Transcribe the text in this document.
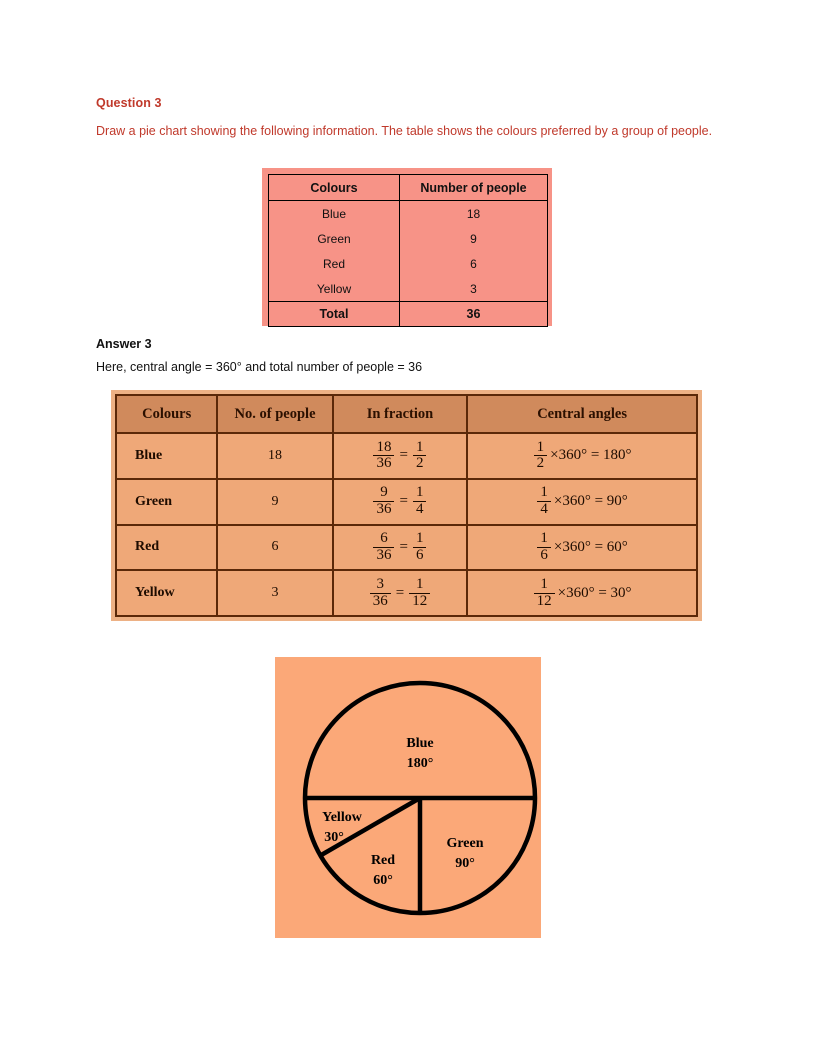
Question 3

Draw a pie chart showing the following information. The table shows the colours preferred by a group of people.

Colours	Number of people
Blue	18
Green	9
Red	6
Yellow	3
Total	36
Answer 3
Here, central angle = 360° and total number of people = 36
Colours	No. of people	In fraction	Central angles
Blue	18	$\frac{18}{36} = \frac{1}{2}$	$\frac{1}{2} \times 360^\circ = 180^\circ$

Green	9	$\frac{9}{36} = \frac{1}{4}$	$\frac{1}{4} \times 360^\circ = 90^\circ$

Red	6	$\frac{6}{36} = \frac{1}{6}$	$\frac{1}{6} \times 360^\circ = 60^\circ$

Yellow	3	$\frac{3}{36} = \frac{1}{12}$	$\frac{1}{12} \times 360^\circ = 30^\circ$
Blue
180°
Green
90°
Red
60°
Yellow
30°
